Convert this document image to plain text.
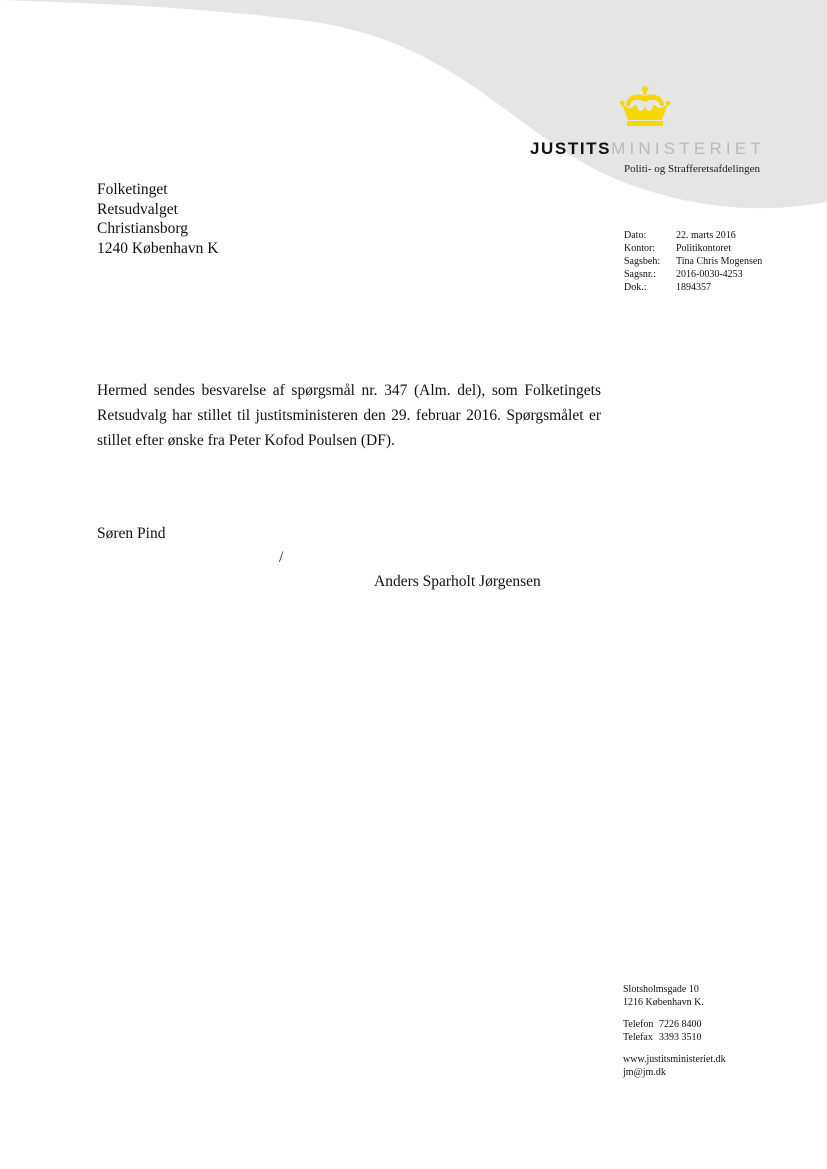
JUSTITSMINISTERIET
Politi- og Strafferetsafdelingen
Folketinget
Retsudvalget
Christiansborg
1240 København K
Dato:	22. marts 2016
Kontor:	Politikontoret
Sagsbeh:	Tina Chris Mogensen
Sagsnr.:	2016-0030-4253
Dok.:	1894357
Hermed sendes besvarelse af spørgsmål nr. 347 (Alm. del), som Folketingets Retsudvalg har stillet til justitsministeren den 29. februar 2016. Spørgsmålet er stillet efter ønske fra Peter Kofod Poulsen (DF).
Søren Pind
/
Anders Sparholt Jørgensen
Slotsholmsgade 10
1216 København K.
Telefon 7226 8400
Telefax 3393 3510
www.justitsministeriet.dk
jm@jm.dk
